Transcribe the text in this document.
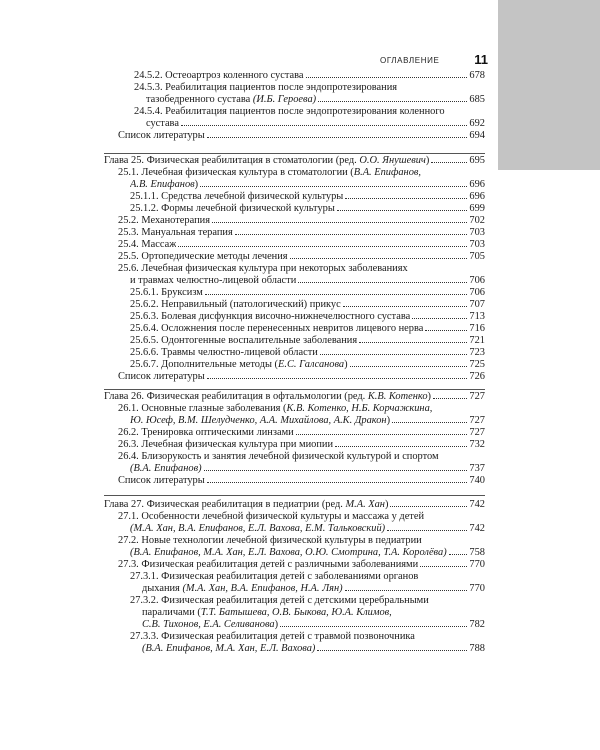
ОГЛАВЛЕНИЕ	11
24.5.2. Остеоартроз коленного сустава	678
24.5.3. Реабилитация пациентов после эндопротезирования
тазобедренного сустава (И.Б. Героева)	685
24.5.4. Реабилитация пациентов после эндопротезирования коленного
сустава	692
Список литературы	694
Глава 25. Физическая реабилитация в стоматологии (ред. О.О. Янушевич)	695
25.1. Лечебная физическая культура в стоматологии (В.А. Епифанов,
А.В. Епифанов)	696
25.1.1. Средства лечебной физической культуры	696
25.1.2. Формы лечебной физической культуры	699
25.2. Механотерапия	702
25.3. Мануальная терапия	703
25.4. Массаж	703
25.5. Ортопедические методы лечения	705
25.6. Лечебная физическая культура при некоторых заболеваниях
и травмах челюстно-лицевой области	706
25.6.1. Бруксизм	706
25.6.2. Неправильный (патологический) прикус	707
25.6.3. Болевая дисфункция височно-нижнечелюстного сустава	713
25.6.4. Осложнения после перенесенных невритов лицевого нерва	716
25.6.5. Одонтогенные воспалительные заболевания	721
25.6.6. Травмы челюстно-лицевой области	723
25.6.7. Дополнительные методы (Е.С. Галсанова)	725
Список литературы	726
Глава 26. Физическая реабилитация в офтальмологии (ред. К.В. Котенко)	727
26.1. Основные глазные заболевания (К.В. Котенко, Н.Б. Корчажкина,
Ю. Юсеф, В.М. Шелудченко, А.А. Михайлова, А.К. Дракон)	727
26.2. Тренировка оптическими линзами	727
26.3. Лечебная физическая культура при миопии	732
26.4. Близорукость и занятия лечебной физической культурой и спортом
(В.А. Епифанов)	737
Список литературы	740
Глава 27. Физическая реабилитация в педиатрии (ред. М.А. Хан)	742
27.1. Особенности лечебной физической культуры и массажа у детей
(М.А. Хан, В.А. Епифанов, Е.Л. Вахова, Е.М. Тальковский)	742
27.2. Новые технологии лечебной физической культуры в педиатрии
(В.А. Епифанов, М.А. Хан, Е.Л. Вахова, О.Ю. Смотрина, Т.А. Королёва) 758
27.3. Физическая реабилитация детей с различными заболеваниями	770
27.3.1. Физическая реабилитация детей с заболеваниями органов
дыхания (М.А. Хан, В.А. Епифанов, Н.А. Лян)	770
27.3.2. Физическая реабилитация детей с детскими церебральными
параличами (Т.Т. Батышева, О.В. Быкова, Ю.А. Климов,
С.В. Тихонов, Е.А. Селиванова)	782
27.3.3. Физическая реабилитация детей с травмой позвоночника
(В.А. Епифанов, М.А. Хан, Е.Л. Вахова)	788
